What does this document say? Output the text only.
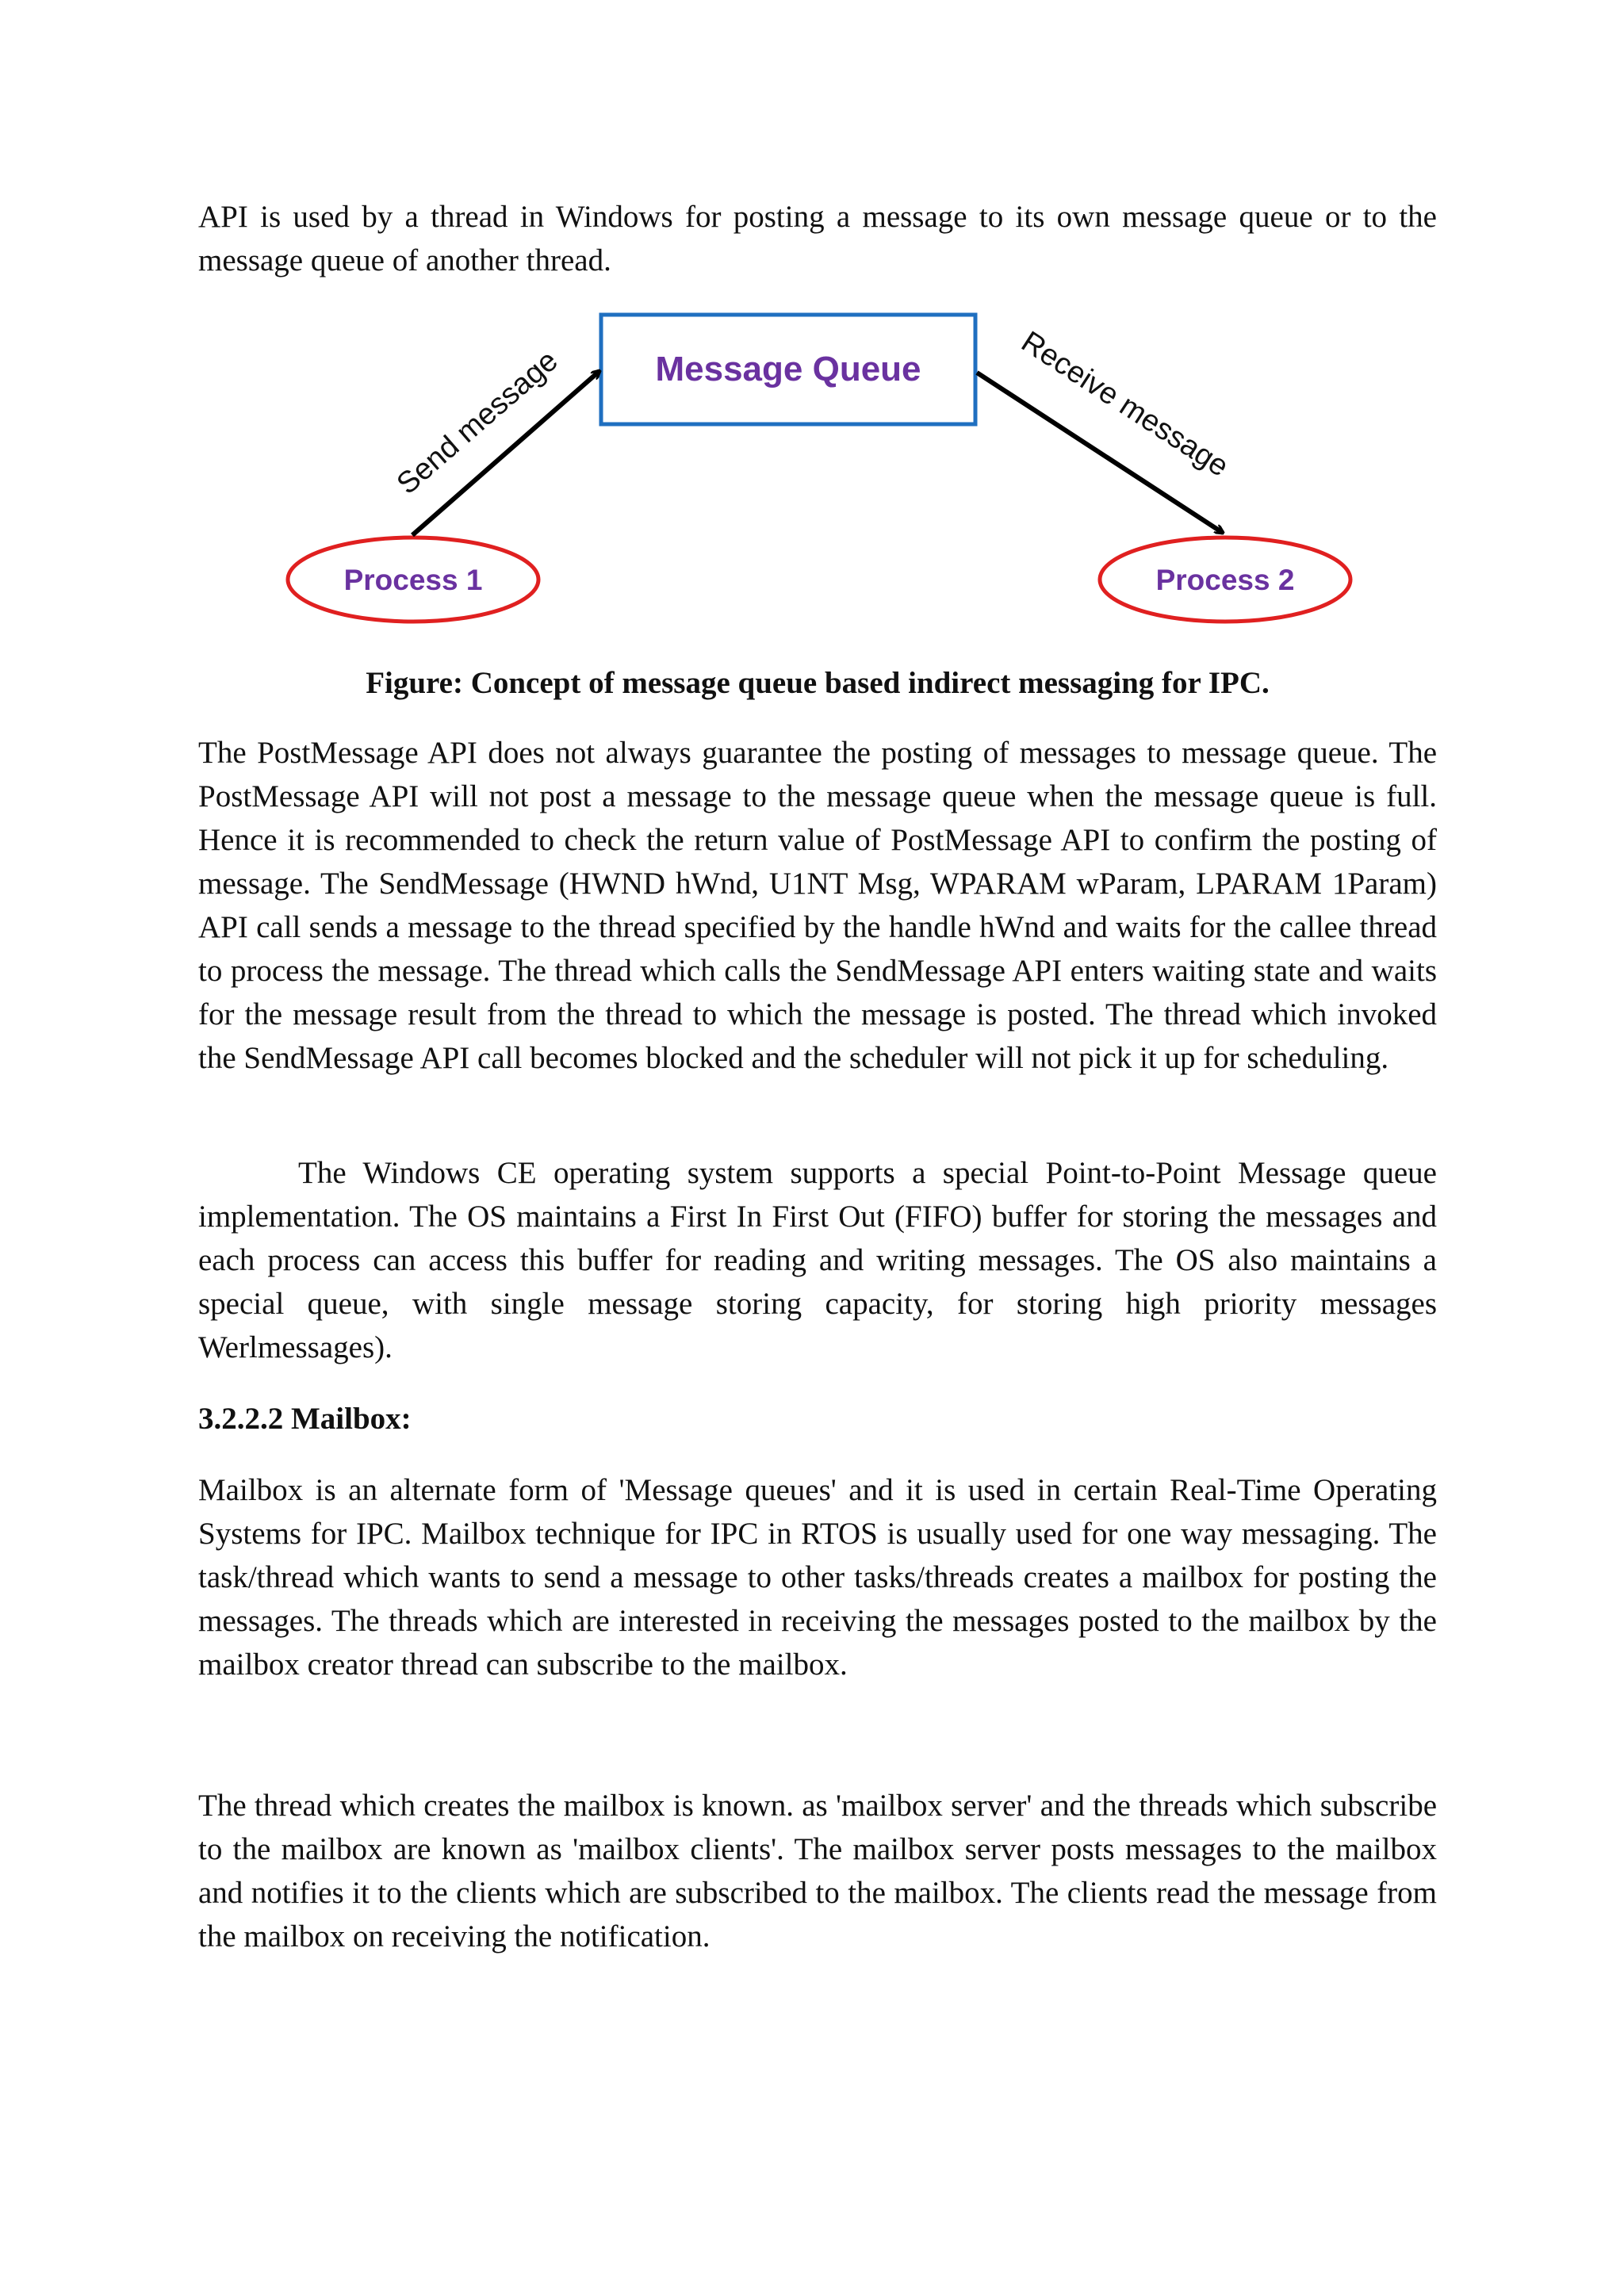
API is used by a thread in Windows for posting a message to its own message queue or to the message queue of another thread.

Message Queue
Process 1	Process 2
Send message	Receive message

Figure: Concept of message queue based indirect messaging for IPC.

The PostMessage API does not always guarantee the posting of messages to message queue. The PostMessage API will not post a message to the message queue when the message queue is full. Hence it is recommended to check the return value of PostMessage API to confirm the posting of message. The SendMessage (HWND hWnd, U1NT Msg, WPARAM wParam, LPARAM 1Param) API call sends a message to the thread specified by the handle hWnd and waits for the callee thread to process the message. The thread which calls the SendMessage API enters waiting state and waits for the message result from the thread to which the message is posted. The thread which invoked the SendMessage API call becomes blocked and the scheduler will not pick it up for scheduling.

The Windows CE operating system supports a special Point-to-Point Message queue implementation. The OS maintains a First In First Out (FIFO) buffer for storing the messages and each process can access this buffer for reading and writing messages. The OS also maintains a special queue, with single message storing capacity, for storing high priority messages Werlmessages).

3.2.2.2 Mailbox:

Mailbox is an alternate form of 'Message queues' and it is used in certain Real-Time Operating Systems for IPC. Mailbox technique for IPC in RTOS is usually used for one way messaging. The task/thread which wants to send a message to other tasks/threads creates a mailbox for posting the messages. The threads which are interested in receiving the messages posted to the mailbox by the mailbox creator thread can subscribe to the mailbox.

The thread which creates the mailbox is known. as 'mailbox server' and the threads which subscribe to the mailbox are known as 'mailbox clients'. The mailbox server posts messages to the mailbox and notifies it to the clients which are subscribed to the mailbox. The clients read the message from the mailbox on receiving the notification.
